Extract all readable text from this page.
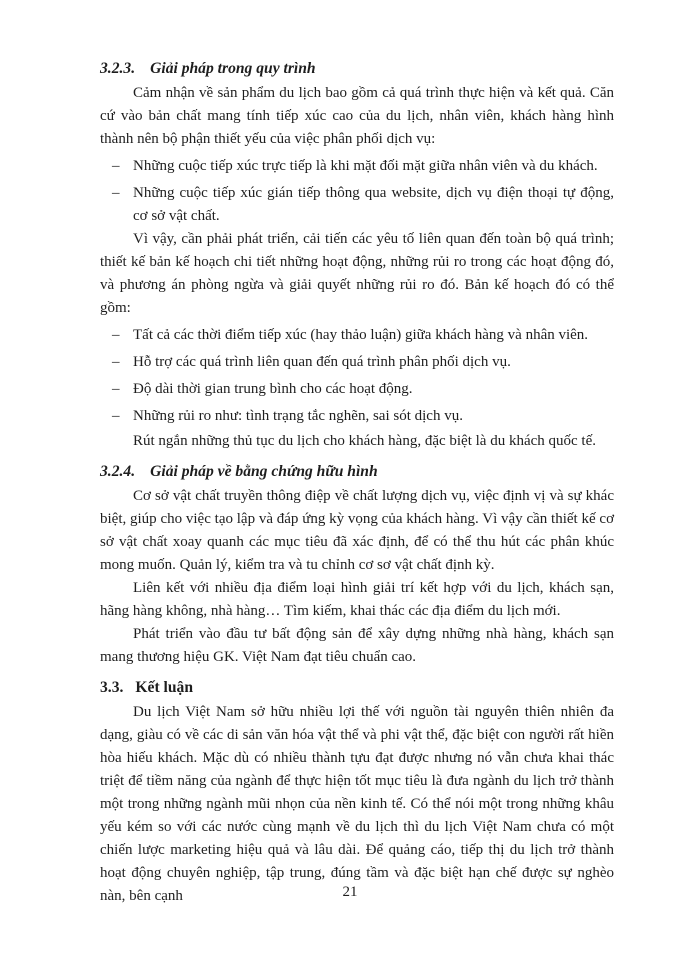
3.2.3. Giải pháp trong quy trình

Cảm nhận về sản phẩm du lịch bao gồm cả quá trình thực hiện và kết quả. Căn cứ vào bản chất mang tính tiếp xúc cao của du lịch, nhân viên, khách hàng hình thành nên bộ phận thiết yếu của việc phân phối dịch vụ:

– Những cuộc tiếp xúc trực tiếp là khi mặt đối mặt giữa nhân viên và du khách.
– Những cuộc tiếp xúc gián tiếp thông qua website, dịch vụ điện thoại tự động, cơ sở vật chất.

Vì vậy, cần phải phát triển, cải tiến các yêu tố liên quan đến toàn bộ quá trình; thiết kế bản kế hoạch chi tiết những hoạt động, những rủi ro trong các hoạt động đó, và phương án phòng ngừa và giải quyết những rủi ro đó. Bản kế hoạch đó có thể gồm:

– Tất cả các thời điểm tiếp xúc (hay thảo luận) giữa khách hàng và nhân viên.
– Hỗ trợ các quá trình liên quan đến quá trình phân phối dịch vụ.
– Độ dài thời gian trung bình cho các hoạt động.
– Những rủi ro như: tình trạng tắc nghẽn, sai sót dịch vụ.

Rút ngắn những thủ tục du lịch cho khách hàng, đặc biệt là du khách quốc tế.

3.2.4. Giải pháp về bằng chứng hữu hình

Cơ sở vật chất truyền thông điệp về chất lượng dịch vụ, việc định vị và sự khác biệt, giúp cho việc tạo lập và đáp ứng kỳ vọng của khách hàng. Vì vậy cần thiết kế cơ sở vật chất xoay quanh các mục tiêu đã xác định, để có thể thu hút các phân khúc mong muốn. Quản lý, kiểm tra và tu chỉnh cơ sơ vật chất định kỳ.

Liên kết với nhiều địa điểm loại hình giải trí kết hợp với du lịch, khách sạn, hãng hàng không, nhà hàng… Tìm kiếm, khai thác các địa điểm du lịch mới.

Phát triển vào đầu tư bất động sản để xây dựng những nhà hàng, khách sạn mang thương hiệu GK. Việt Nam đạt tiêu chuẩn cao.

3.3. Kết luận

Du lịch Việt Nam sở hữu nhiều lợi thế với nguồn tài nguyên thiên nhiên đa dạng, giàu có về các di sản văn hóa vật thể và phi vật thể, đặc biệt con người rất hiền hòa hiếu khách. Mặc dù có nhiều thành tựu đạt được nhưng nó vẫn chưa khai thác triệt để tiềm năng của ngành để thực hiện tốt mục tiêu là đưa ngành du lịch trở thành một trong những ngành mũi nhọn của nền kinh tế. Có thể nói một trong những khâu yếu kém so với các nước cùng mạnh về du lịch thì du lịch Việt Nam chưa có một chiến lược marketing hiệu quả và lâu dài. Để quảng cáo, tiếp thị du lịch trở thành hoạt động chuyên nghiệp, tập trung, đúng tầm và đặc biệt hạn chế được sự nghèo nàn, bên cạnh	21
